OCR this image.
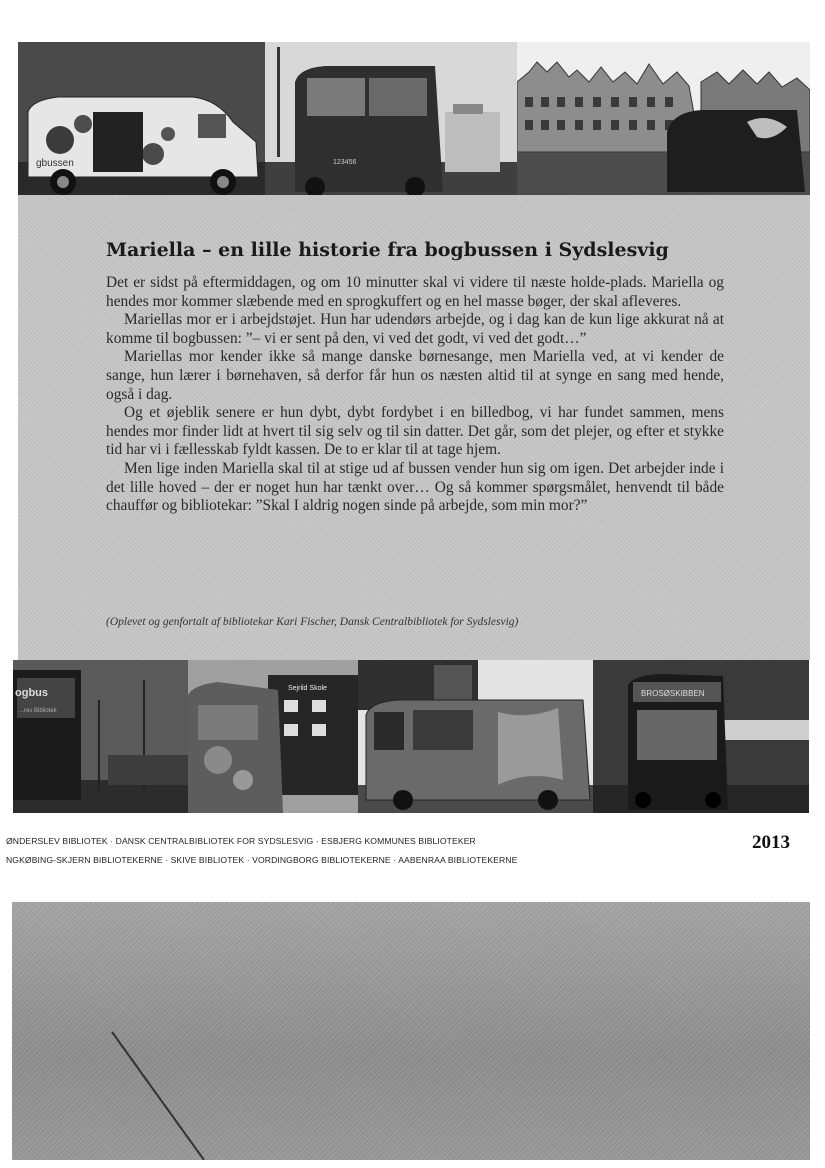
gbussen	123456
Mariella – en lille historie fra bogbussen i Sydslesvig

Det er sidst på eftermiddagen, og om 10 minutter skal vi videre til næste holde-plads. Mariella og hendes mor kommer slæbende med en sprogkuffert og en hel masse bøger, der skal afleveres.

Mariellas mor er i arbejdstøjet. Hun har udendørs arbejde, og i dag kan de kun lige akkurat nå at komme til bogbussen: ”– vi er sent på den, vi ved det godt, vi ved det godt…”

Mariellas mor kender ikke så mange danske børnesange, men Mariella ved, at vi kender de sange, hun lærer i børnehaven, så derfor får hun os næsten altid til at synge en sang med hende, også i dag.

Og et øjeblik senere er hun dybt, dybt fordybet i en billedbog, vi har fundet sammen, mens hendes mor finder lidt at hvert til sig selv og til sin datter. Det går, som det plejer, og efter et stykke tid har vi i fællesskab fyldt kassen. De to er klar til at tage hjem.

Men lige inden Mariella skal til at stige ud af bussen vender hun sig om igen. Det arbejder inde i det lille hoved – der er noget hun har tænkt over… Og så kommer spørgsmålet, henvendt til både chauffør og bibliotekar: ”Skal I aldrig nogen sinde på arbejde, som min mor?”

(Oplevet og genfortalt af bibliotekar Kari Fischer, Dansk Centralbibliotek for Sydslesvig)
ogbus
...res Bibliotek
Sejrild Skole
BROSØSKIBBEN
ØNDERSLEV BIBLIOTEK · DANSK CENTRALBIBLIOTEK FOR SYDSLESVIG · ESBJERG KOMMUNES BIBLIOTEKER
NGKØBING-SKJERN BIBLIOTEKERNE · SKIVE BIBLIOTEK · VORDINGBORG BIBLIOTEKERNE · AABENRAA BIBLIOTEKERNE
2013
